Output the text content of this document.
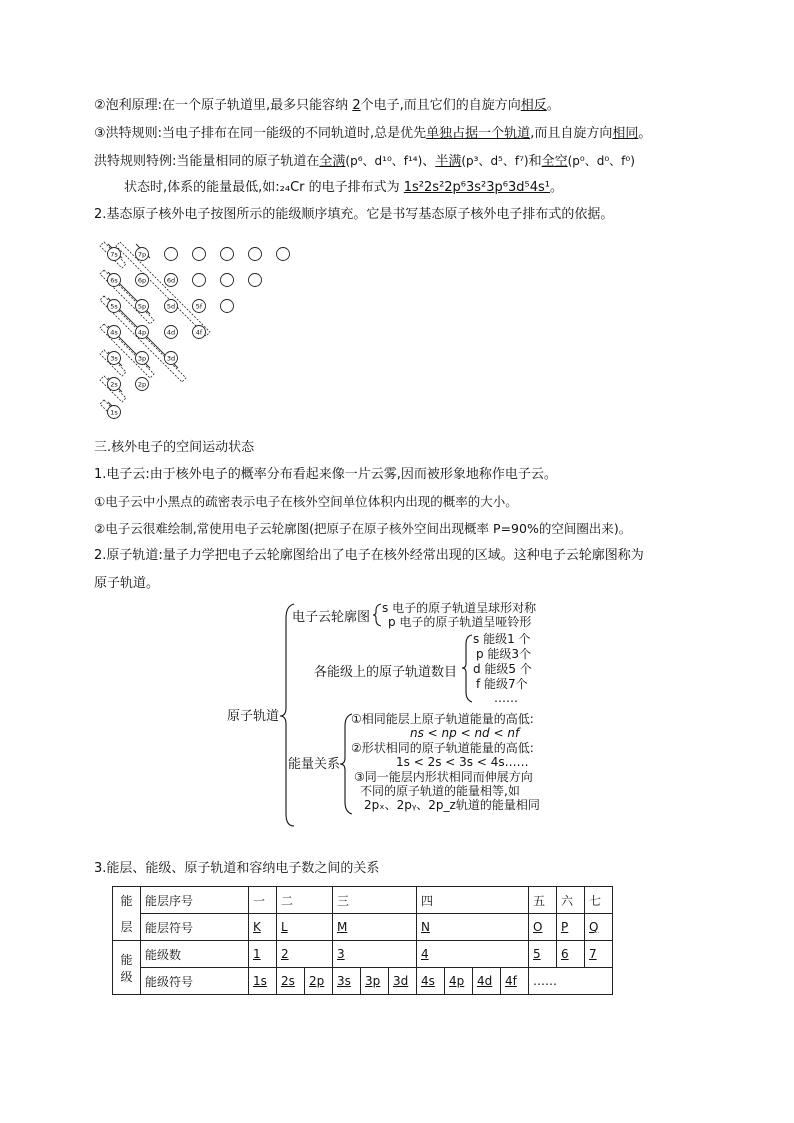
②泡利原理:在一个原子轨道里,最多只能容纳 2个电子,而且它们的自旋方向相反。
③洪特规则:当电子排布在同一能级的不同轨道时,总是优先单独占据一个轨道,而且自旋方向相同。
洪特规则特例:当能量相同的原子轨道在全满(p⁶、d¹⁰、f¹⁴)、半满(p³、d⁵、f⁷)和全空(p⁰、d⁰、f⁰)
状态时,体系的能量最低,如:₂₄Cr 的电子排布式为 1s²2s²2p⁶3s²3p⁶3d⁵4s¹。
2.基态原子核外电子按图所示的能级顺序填充。它是书写基态原子核外电子排布式的依据。
7s	7p
6s	6p	6d
5s	5p	5d	5f
4s	4p	4d	4f
3s	3p	3d
2s	2p
1s
三.核外电子的空间运动状态
1.电子云:由于核外电子的概率分布看起来像一片云雾,因而被形象地称作电子云。
①电子云中小黑点的疏密表示电子在核外空间单位体积内出现的概率的大小。
②电子云很难绘制,常使用电子云轮廓图(把原子在原子核外空间出现概率 P=90%的空间圈出来)。
2.原子轨道:量子力学把电子云轮廓图给出了电子在核外经常出现的区域。这种电子云轮廓图称为
原子轨道。
原子轨道
电子云轮廓图
各能级上的原子轨道数目
能量关系
s 电子的原子轨道呈球形对称
p 电子的原子轨道呈哑铃形
s 能级1 个
p 能级3个
d 能级5 个
f 能级7个
……
①相同能层上原子轨道能量的高低:
ns < np < nd < nf
②形状相同的原子轨道能量的高低:
1s < 2s < 3s < 4s……
③同一能层内形状相同而伸展方向
不同的原子轨道的能量相等,如
2pₓ、2pᵧ、2p_z轨道的能量相同
3.能层、能级、原子轨道和容纳电子数之间的关系
能层	能层序号	一	二		三			四				五	六	七
	能层符号	K	L		M			N				O	P	Q
能级	能级数	1	2		3			4				5	6	7
	能级符号	1s	2s	2p	3s	3p	3d	4s	4p	4d	4f	……		
